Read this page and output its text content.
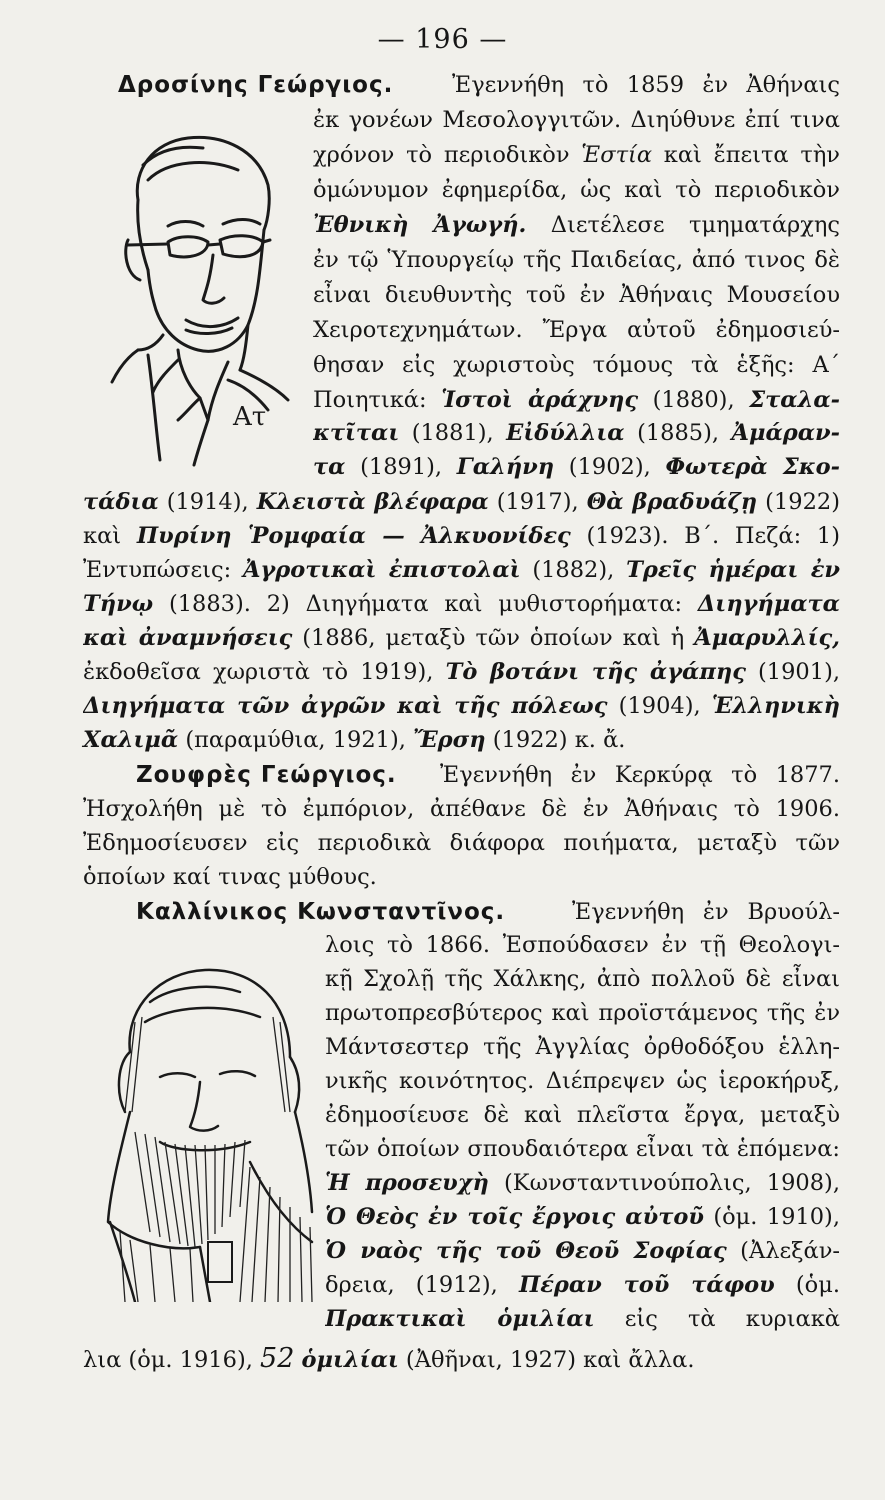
— 196 —
Ατ
Δροσίνης Γεώργιος.	Ἐγεννήθη τὸ 1859 ἐν Ἀθήναις
ἐκ γονέων Μεσολογγιτῶν. Διηύθυνε ἐπί τινα
χρόνον τὸ περιοδικὸν Ἑστία καὶ ἔπειτα τὴν
ὁμώνυμον ἐφημερίδα, ὡς καὶ τὸ περιοδικὸν
Ἐθνικὴ Ἀγωγή. Διετέλεσε τμηματάρχης
ἐν τῷ Ὑπουργείῳ τῆς Παιδείας, ἀπό τινος δὲ
εἶναι διευθυντὴς τοῦ ἐν Ἀθήναις Μουσείου
Χειροτεχνημάτων. Ἔργα αὐτοῦ ἐδημοσιεύ-
θησαν εἰς χωριστοὺς τόμους τὰ ἑξῆς: Α΄
Ποιητικά: Ἱστοὶ ἀράχνης (1880), Σταλα-
κτῖται (1881), Εἰδύλλια (1885), Ἀμάραν-
τα (1891), Γαλήνη (1902), Φωτερὰ Σκο-
τάδια (1914), Κλειστὰ βλέφαρα (1917), Θὰ βραδυάζῃ (1922)
καὶ Πυρίνη Ῥομφαία — Ἀλκυονίδες (1923). Β΄. Πεζά: 1)
Ἐντυπώσεις: Ἀγροτικαὶ ἐπιστολαὶ (1882), Τρεῖς ἡμέραι ἐν
Τήνῳ (1883). 2) Διηγήματα καὶ μυθιστορήματα: Διηγήματα
καὶ ἀναμνήσεις (1886, μεταξὺ τῶν ὁποίων καὶ ἡ Ἀμαρυλλίς,
ἐκδοθεῖσα χωριστὰ τὸ 1919), Τὸ βοτάνι τῆς ἀγάπης (1901),
Διηγήματα τῶν ἀγρῶν καὶ τῆς πόλεως (1904), Ἑλληνικὴ
Χαλιμᾶ (παραμύθια, 1921), Ἔρση (1922) κ. ἄ.
Ζουφρὲς Γεώργιος. Ἐγεννήθη ἐν Κερκύρᾳ τὸ 1877.
Ἠσχολήθη μὲ τὸ ἐμπόριον, ἀπέθανε δὲ ἐν Ἀθήναις τὸ 1906.
Ἐδημοσίευσεν εἰς περιοδικὰ διάφορα ποιήματα, μεταξὺ τῶν
ὁποίων καί τινας μύθους.
Καλλίνικος Κωνσταντῖνος.	Ἐγεννήθη ἐν Βρυούλ-
λοις τὸ 1866. Ἐσπούδασεν ἐν τῇ Θεολογι-
κῇ Σχολῇ τῆς Χάλκης, ἀπὸ πολλοῦ δὲ εἶναι
πρωτοπρεσβύτερος καὶ προϊστάμενος τῆς ἐν
Μάντσεστερ τῆς Ἀγγλίας ὀρθοδόξου ἑλλη-
νικῆς κοινότητος. Διέπρεψεν ὡς ἱεροκήρυξ,
ἐδημοσίευσε δὲ καὶ πλεῖστα ἔργα, μεταξὺ
τῶν ὁποίων σπουδαιότερα εἶναι τὰ ἑπόμενα:
Ἡ προσευχὴ (Κωνσταντινούπολις, 1908),
Ὁ Θεὸς ἐν τοῖς ἔργοις αὐτοῦ (ὁμ. 1910),
Ὁ ναὸς τῆς τοῦ Θεοῦ Σοφίας (Ἀλεξάν-
δρεια, (1912), Πέραν τοῦ τάφου (ὁμ.
Πρακτικαὶ ὁμιλίαι εἰς τὰ κυριακὰ
λια (ὁμ. 1916), 52 ὁμιλίαι (Ἀθῆναι, 1927) καὶ ἄλλα.
